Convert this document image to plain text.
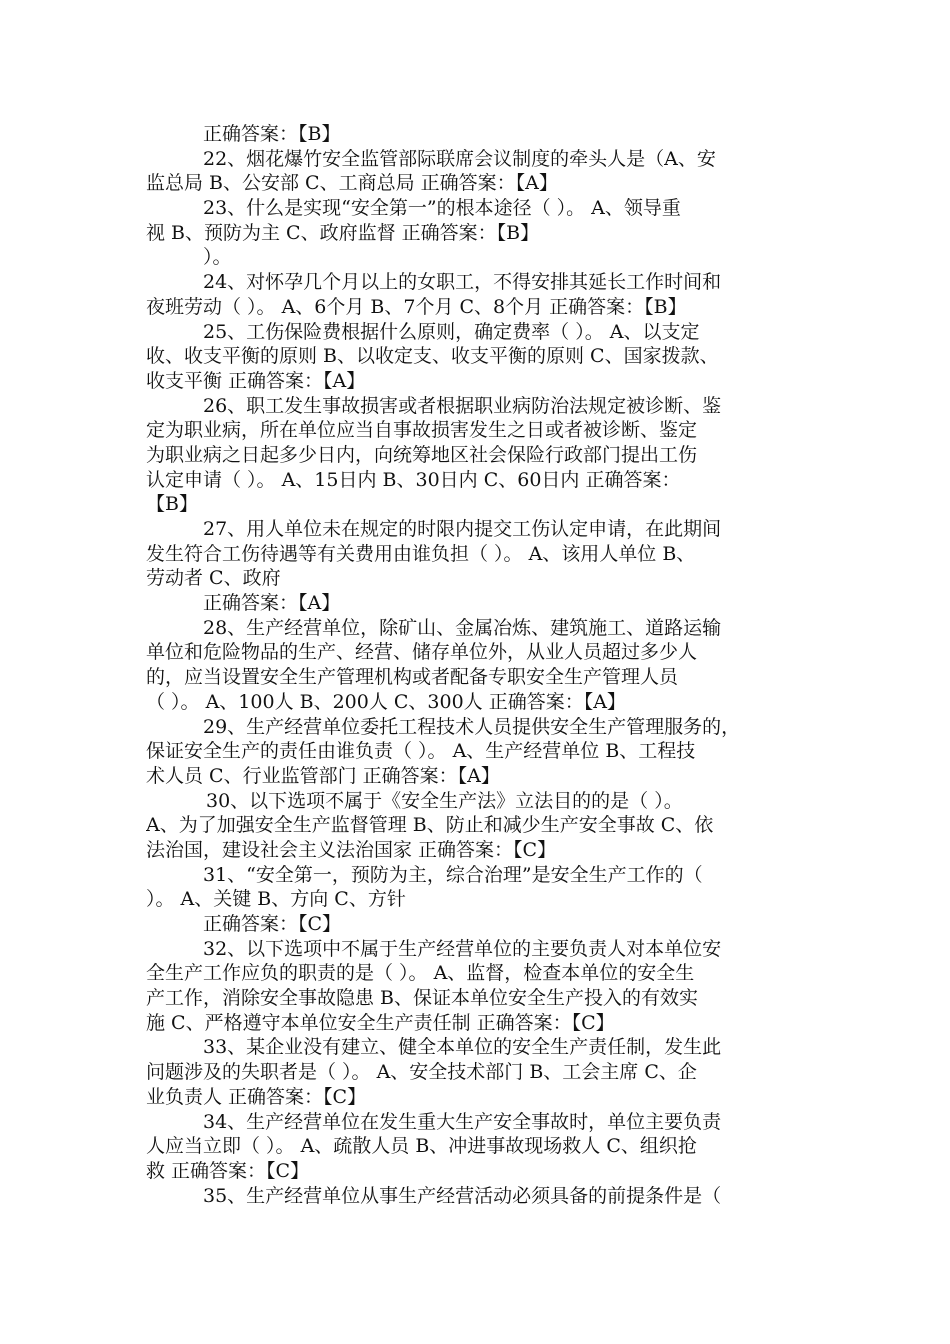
正确答案：【B】
22、烟花爆竹安全监管部际联席会议制度的牵头人是（A、安
监总局 B、公安部 C、工商总局 正确答案：【A】
23、什么是实现“安全第一”的根本途径（ ）。 A、领导重
视 B、预防为主 C、政府监督 正确答案：【B】
）。
24、对怀孕几个月以上的女职工，不得安排其延长工作时间和
夜班劳动（ ）。 A、6个月 B、7个月 C、8个月 正确答案：【B】
25、工伤保险费根据什么原则，确定费率（ ）。 A、以支定
收、收支平衡的原则 B、以收定支、收支平衡的原则 C、国家拨款、
收支平衡 正确答案：【A】
26、职工发生事故损害或者根据职业病防治法规定被诊断、鉴
定为职业病，所在单位应当自事故损害发生之日或者被诊断、鉴定
为职业病之日起多少日内，向统筹地区社会保险行政部门提出工伤
认定申请（ ）。 A、15日内 B、30日内 C、60日内 正确答案：
【B】
27、用人单位未在规定的时限内提交工伤认定申请，在此期间
发生符合工伤待遇等有关费用由谁负担（ ）。 A、该用人单位 B、
劳动者 C、政府
正确答案：【A】
28、生产经营单位，除矿山、金属冶炼、建筑施工、道路运输
单位和危险物品的生产、经营、储存单位外，从业人员超过多少人
的，应当设置安全生产管理机构或者配备专职安全生产管理人员
（ ）。 A、100人 B、200人 C、300人 正确答案：【A】
29、生产经营单位委托工程技术人员提供安全生产管理服务的，
保证安全生产的责任由谁负责（ ）。 A、生产经营单位 B、工程技
术人员 C、行业监管部门 正确答案：【A】
30、以下选项不属于《安全生产法》立法目的的是（ ）。
A、为了加强安全生产监督管理 B、防止和减少生产安全事故 C、依
法治国，建设社会主义法治国家 正确答案：【C】
31、“安全第一，预防为主，综合治理”是安全生产工作的（
）。 A、关键 B、方向 C、方针
正确答案：【C】
32、以下选项中不属于生产经营单位的主要负责人对本单位安
全生产工作应负的职责的是（ ）。 A、监督，检查本单位的安全生
产工作，消除安全事故隐患 B、保证本单位安全生产投入的有效实
施 C、严格遵守本单位安全生产责任制 正确答案：【C】
33、某企业没有建立、健全本单位的安全生产责任制，发生此
问题涉及的失职者是（ ）。 A、安全技术部门 B、工会主席 C、企
业负责人 正确答案：【C】
34、生产经营单位在发生重大生产安全事故时，单位主要负责
人应当立即（ ）。 A、疏散人员 B、冲进事故现场救人 C、组织抢
救 正确答案：【C】
35、生产经营单位从事生产经营活动必须具备的前提条件是（
